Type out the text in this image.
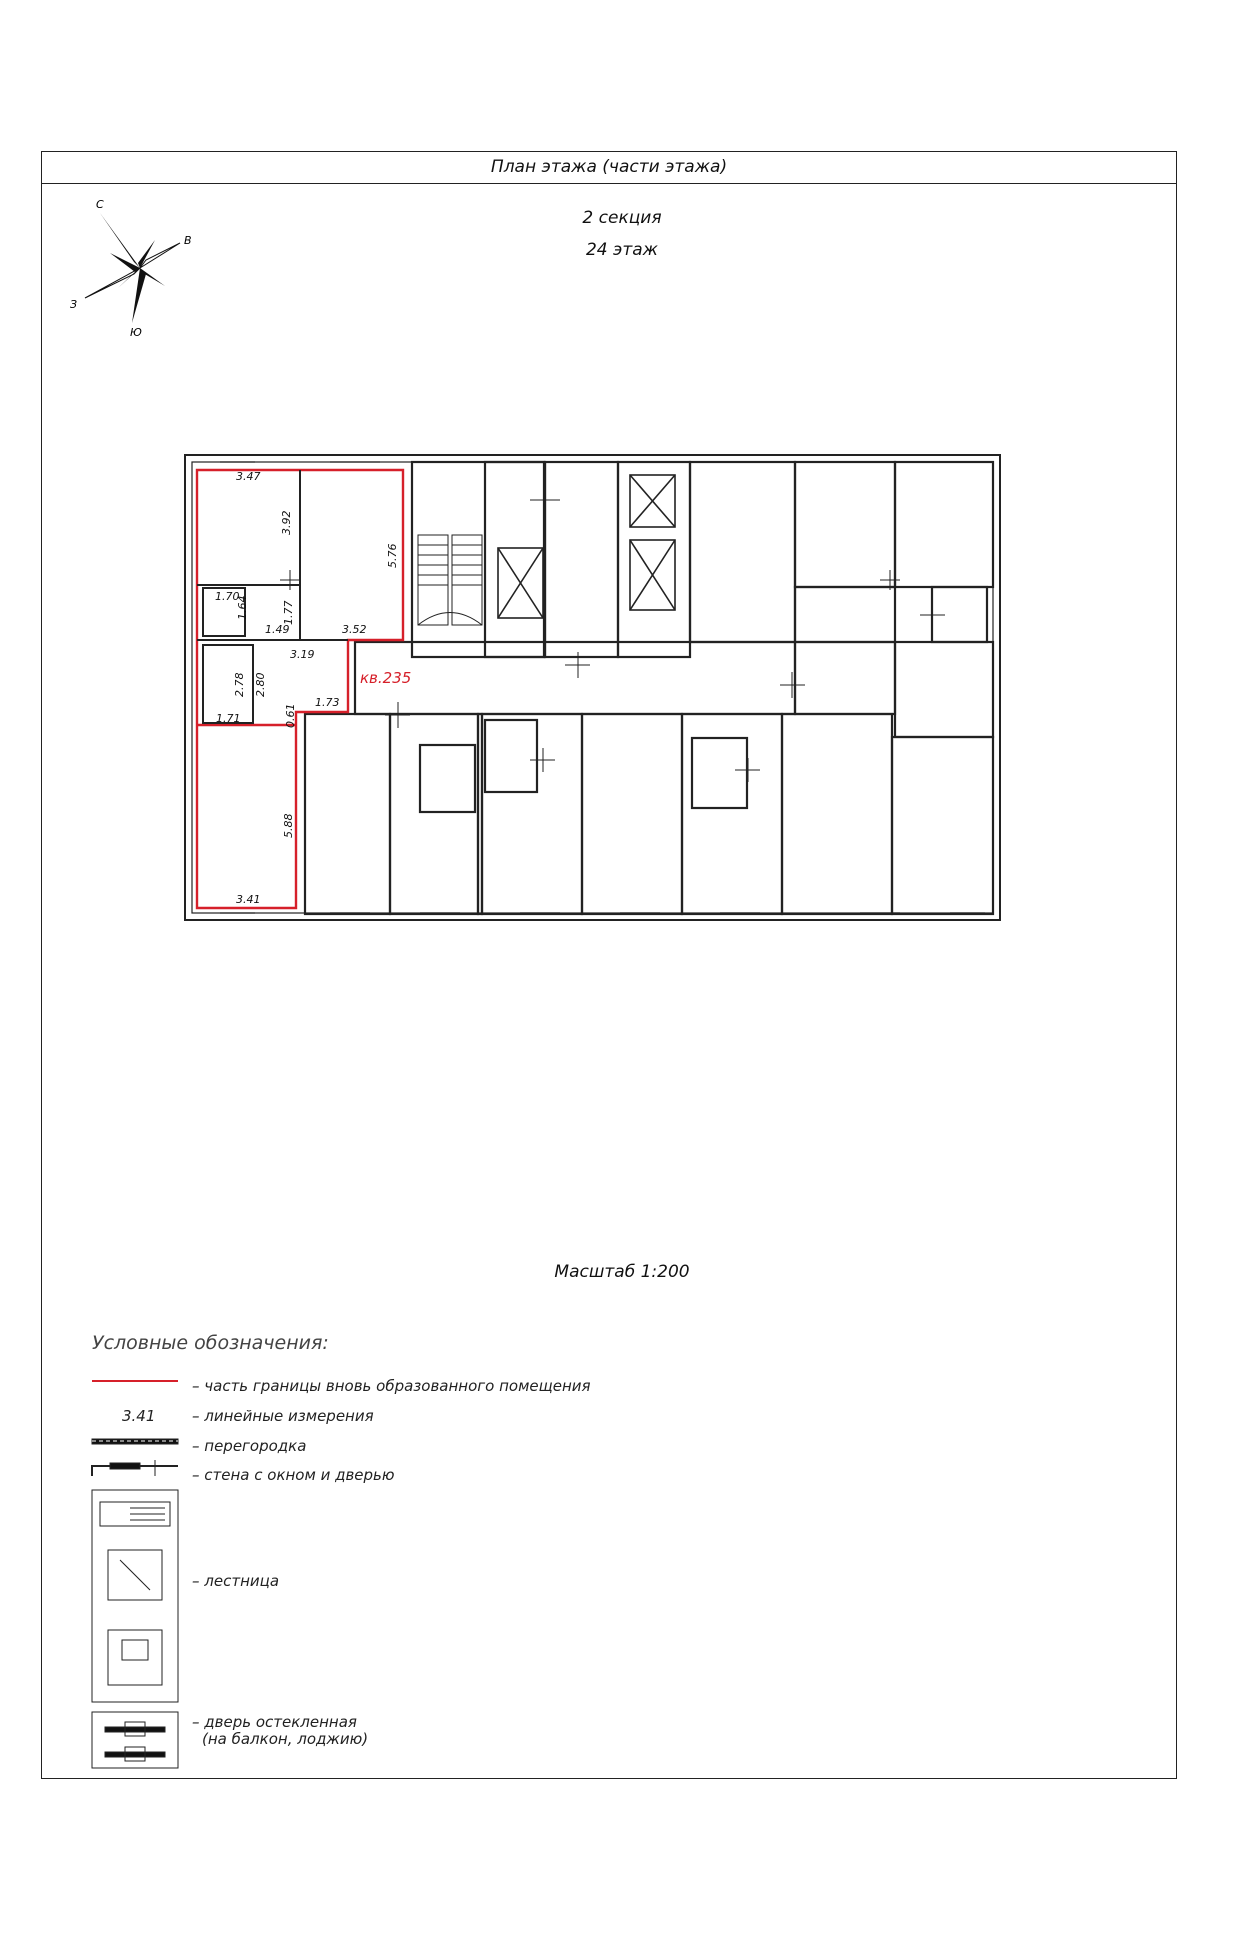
План этажа (части этажа)
2 секция
24 этаж
Масштаб 1:200
Условные обозначения:
– часть границы вновь образованного помещения
3.41 – линейные измерения
– перегородка
– стена с окном и дверью
– лестница
– дверь остекленная
(на балкон, лоджию)
С
В
З
Ю
кв.235
3.47
3.92
5.76
1.70
1.64	1.77
1.49	3.52
3.19
2.78 2.80
1.71	0.61
1.73
5.88
3.41
